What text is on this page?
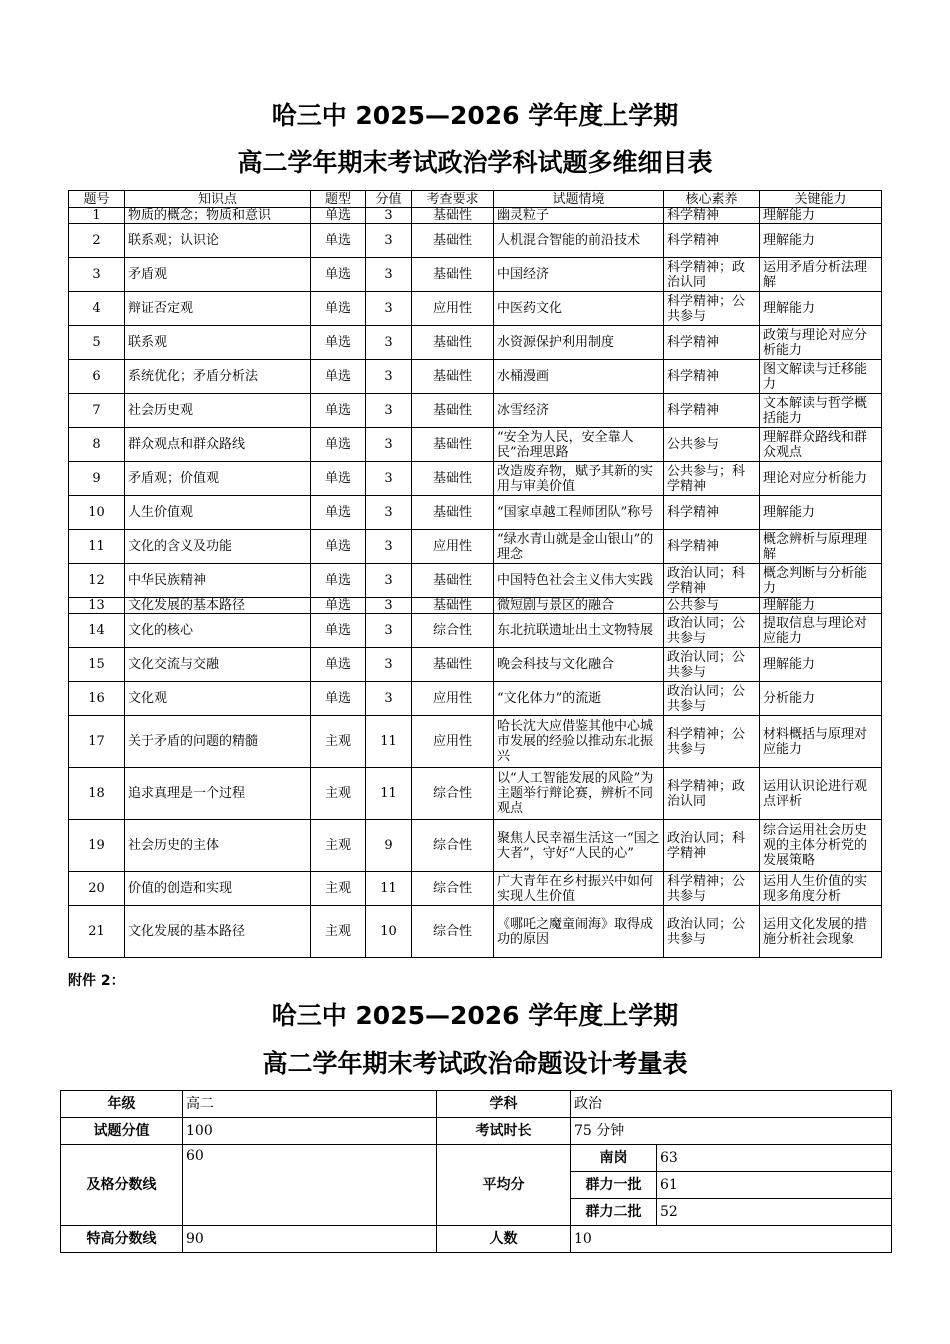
哈三中 2025—2026 学年度上学期
高二学年期末考试政治学科试题多维细目表
题号	知识点	题型	分值	考查要求	试题情境	核心素养	关键能力
1	物质的概念；物质和意识	单选	3	基础性	幽灵粒子	科学精神	理解能力
2	联系观；认识论	单选	3	基础性	人机混合智能的前沿技术	科学精神	理解能力
3	矛盾观	单选	3	基础性	中国经济	科学精神；政治认同	运用矛盾分析法理解
4	辩证否定观	单选	3	应用性	中医药文化	科学精神；公共参与	理解能力
5	联系观	单选	3	基础性	水资源保护利用制度	科学精神	政策与理论对应分析能力
6	系统优化；矛盾分析法	单选	3	基础性	水桶漫画	科学精神	图文解读与迁移能力
7	社会历史观	单选	3	基础性	冰雪经济	科学精神	文本解读与哲学概括能力
8	群众观点和群众路线	单选	3	基础性	“安全为人民，安全靠人民”治理思路	公共参与	理解群众路线和群众观点
9	矛盾观；价值观	单选	3	基础性	改造废弃物，赋予其新的实用与审美价值	公共参与；科学精神	理论对应分析能力
10	人生价值观	单选	3	基础性	“国家卓越工程师团队”称号	科学精神	理解能力
11	文化的含义及功能	单选	3	应用性	“绿水青山就是金山银山”的理念	科学精神	概念辨析与原理理解
12	中华民族精神	单选	3	基础性	中国特色社会主义伟大实践	政治认同；科学精神	概念判断与分析能力
13	文化发展的基本路径	单选	3	基础性	微短剧与景区的融合	公共参与	理解能力
14	文化的核心	单选	3	综合性	东北抗联遗址出土文物特展	政治认同；公共参与	提取信息与理论对应能力
15	文化交流与交融	单选	3	基础性	晚会科技与文化融合	政治认同；公共参与	理解能力
16	文化观	单选	3	应用性	“文化体力”的流逝	政治认同；公共参与	分析能力
17	关于矛盾的问题的精髓	主观	11	应用性	哈长沈大应借鉴其他中心城市发展的经验以推动东北振兴	科学精神；公共参与	材料概括与原理对应能力
18	追求真理是一个过程	主观	11	综合性	以“人工智能发展的风险”为主题举行辩论赛，辨析不同观点	科学精神；政治认同	运用认识论进行观点评析
19	社会历史的主体	主观	9	综合性	聚焦人民幸福生活这一“国之大者”，守好“人民的心”	政治认同；科学精神	综合运用社会历史观的主体分析党的发展策略
20	价值的创造和实现	主观	11	综合性	广大青年在乡村振兴中如何实现人生价值	科学精神；公共参与	运用人生价值的实现多角度分析
21	文化发展的基本路径	主观	10	综合性	《哪吒之魔童闹海》取得成功的原因	政治认同；公共参与	运用文化发展的措施分析社会现象
附件 2：
哈三中 2025—2026 学年度上学期
高二学年期末考试政治命题设计考量表
年级	高二	学科	政治	
试题分值	100	考试时长	75 分钟	
及格分数线	60	平均分	南岗	63
			群力一批	61
			群力二批	52
特高分数线	90	人数	10	
